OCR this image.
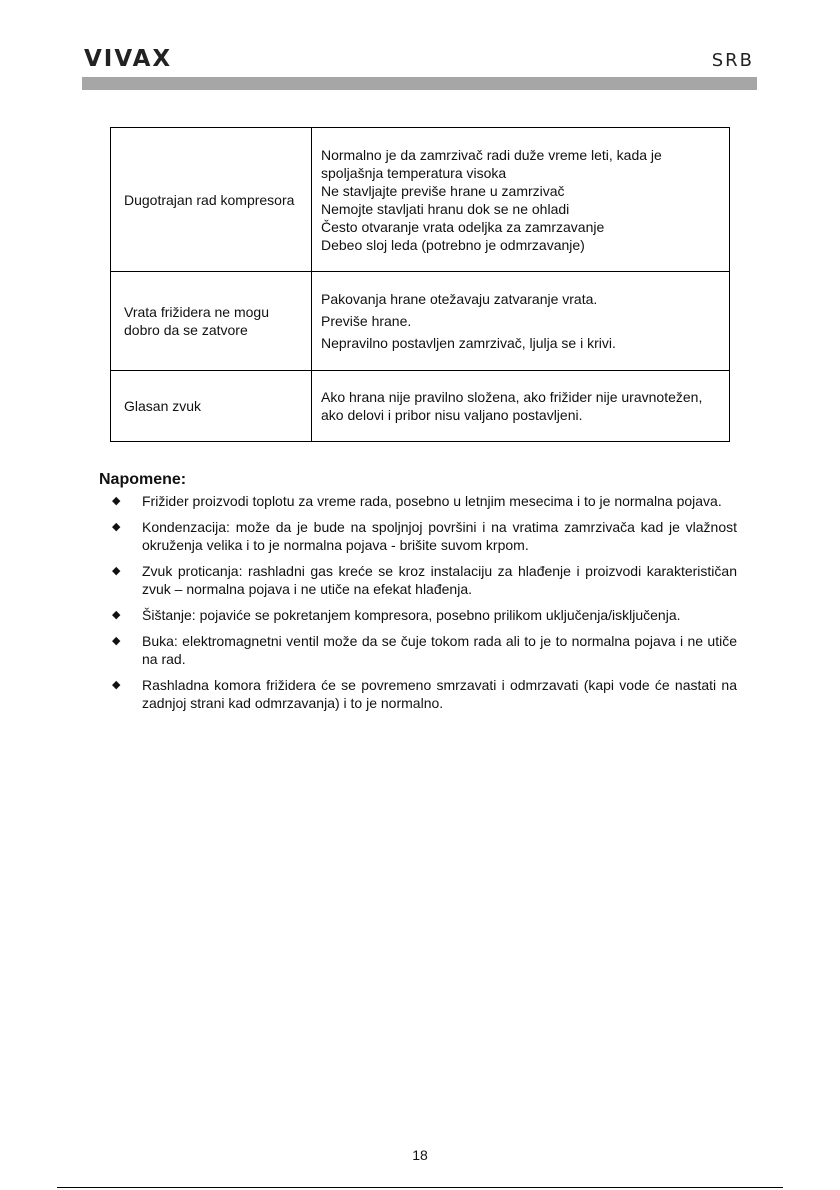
VIVAX	SRB
Dugotrajan rad kompresora	Normalno je da zamrzivač radi duže vreme leti, kada je spoljašnja temperatura visoka
Ne stavljajte previše hrane u zamrzivač
Nemojte stavljati hranu dok se ne ohladi
Često otvaranje vrata odeljka za zamrzavanje
Debeo sloj leda (potrebno je odmrzavanje)

Vrata frižidera ne mogu dobro da se zatvore	Pakovanja hrane otežavaju zatvaranje vrata.
Previše hrane.
Nepravilno postavljen zamrzivač, ljulja se i krivi.

Glasan zvuk	Ako hrana nije pravilno složena, ako frižider nije uravnotežen, ako delovi i pribor nisu valjano postavljeni.
Napomene:
◆ Frižider proizvodi toplotu za vreme rada, posebno u letnjim mesecima i to je normalna pojava.
◆ Kondenzacija: može da je bude na spoljnjoj površini i na vratima zamrzivača kad je vlažnost okruženja velika i to je normalna pojava - brišite suvom krpom.
◆ Zvuk proticanja: rashladni gas kreće se kroz instalaciju za hlađenje i proizvodi karakterističan zvuk – normalna pojava i ne utiče na efekat hlađenja.
◆ Šištanje: pojaviće se pokretanjem kompresora, posebno prilikom uključenja/isključenja.
◆ Buka: elektromagnetni ventil može da se čuje tokom rada ali to je to normalna pojava i ne utiče na rad.
◆ Rashladna komora frižidera će se povremeno smrzavati i odmrzavati (kapi vode će nastati na zadnjoj strani kad odmrzavanja) i to je normalno.
18
